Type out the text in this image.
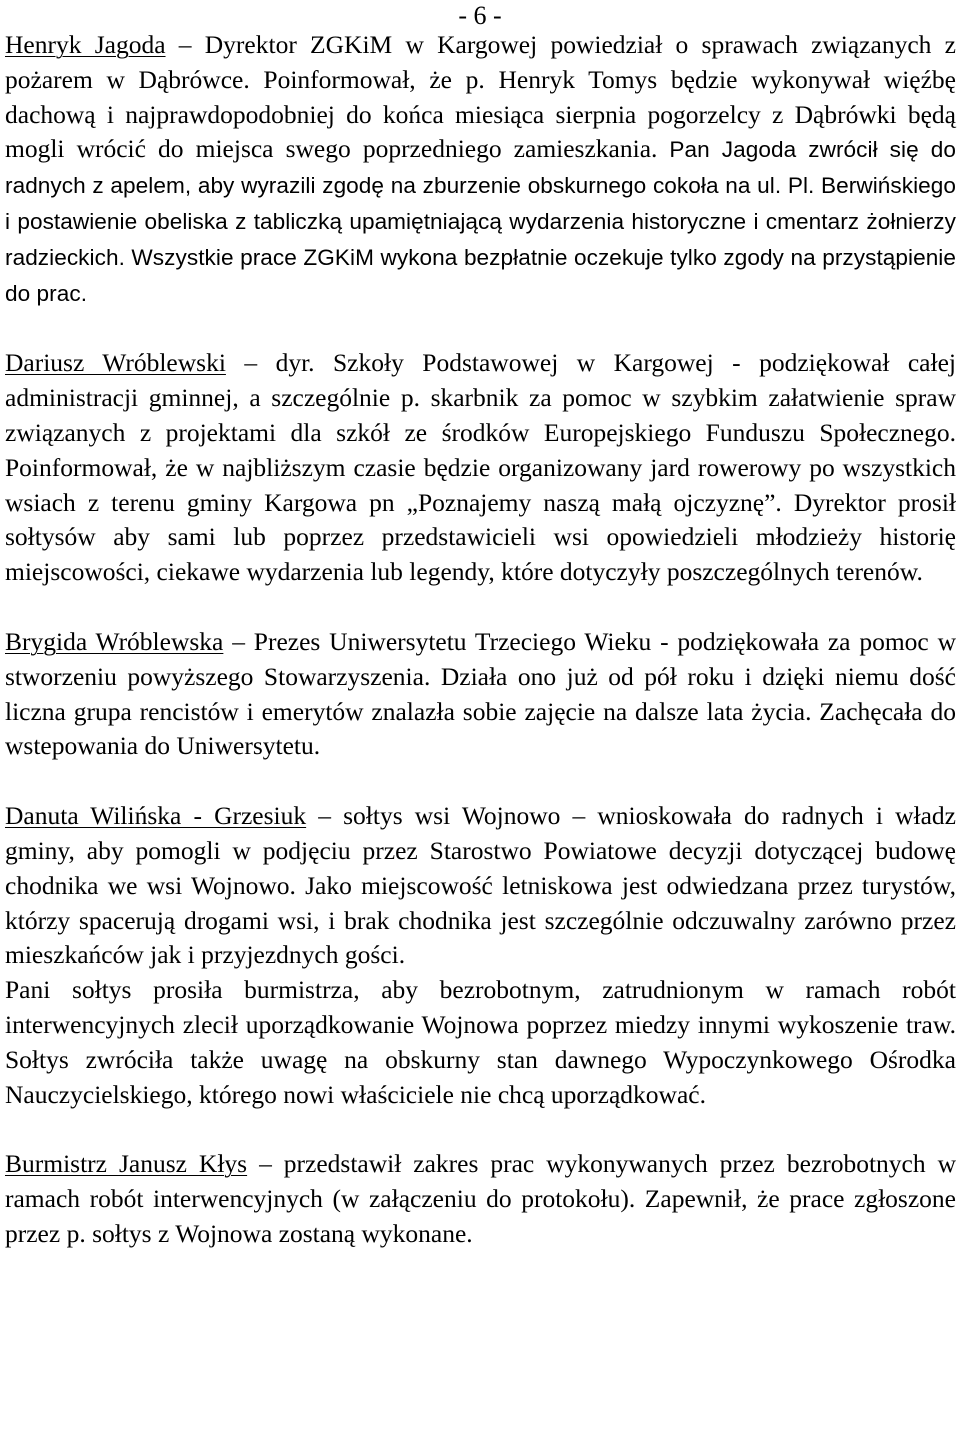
- 6 -

Henryk Jagoda – Dyrektor ZGKiM w Kargowej powiedział o sprawach związanych z pożarem w Dąbrówce. Poinformował, że p. Henryk Tomys będzie wykonywał więźbę dachową i najprawdopodobniej do końca miesiąca sierpnia pogorzelcy z Dąbrówki będą mogli wrócić do miejsca swego poprzedniego zamieszkania. Pan Jagoda zwrócił się do radnych z apelem, aby wyrazili zgodę na zburzenie obskurnego cokoła na ul. Pl. Berwińskiego i postawienie obeliska z tabliczką upamiętniającą wydarzenia historyczne i cmentarz żołnierzy radzieckich. Wszystkie prace ZGKiM wykona bezpłatnie oczekuje tylko zgody na przystąpienie do prac.

Dariusz Wróblewski – dyr. Szkoły Podstawowej w Kargowej - podziękował całej administracji gminnej, a szczególnie p. skarbnik za pomoc w szybkim załatwienie spraw związanych z projektami dla szkół ze środków Europejskiego Funduszu Społecznego. Poinformował, że w najbliższym czasie będzie organizowany jard rowerowy po wszystkich wsiach z terenu gminy Kargowa pn „Poznajemy naszą małą ojczyznę”. Dyrektor prosił sołtysów aby sami lub poprzez przedstawicieli wsi opowiedzieli młodzieży historię miejscowości, ciekawe wydarzenia lub legendy, które dotyczyły poszczególnych terenów.

Brygida Wróblewska – Prezes Uniwersytetu Trzeciego Wieku - podziękowała za pomoc w stworzeniu powyższego Stowarzyszenia. Działa ono już od pół roku i dzięki niemu dość liczna grupa rencistów i emerytów znalazła sobie zajęcie na dalsze lata życia. Zachęcała do wstepowania do Uniwersytetu.

Danuta Wilińska - Grzesiuk – sołtys wsi Wojnowo – wnioskowała do radnych i władz gminy, aby pomogli w podjęciu przez Starostwo Powiatowe decyzji dotyczącej budowę chodnika we wsi Wojnowo. Jako miejscowość letniskowa jest odwiedzana przez turystów, którzy spacerują drogami wsi, i brak chodnika jest szczególnie odczuwalny zarówno przez mieszkańców jak i przyjezdnych gości.

Pani sołtys prosiła burmistrza, aby bezrobotnym, zatrudnionym w ramach robót interwencyjnych zlecił uporządkowanie Wojnowa poprzez miedzy innymi wykoszenie traw. Sołtys zwróciła także uwagę na obskurny stan dawnego Wypoczynkowego Ośrodka Nauczycielskiego, którego nowi właściciele nie chcą uporządkować.

Burmistrz Janusz Kłys – przedstawił zakres prac wykonywanych przez bezrobotnych w ramach robót interwencyjnych (w załączeniu do protokołu). Zapewnił, że prace zgłoszone przez p. sołtys z Wojnowa zostaną wykonane.
